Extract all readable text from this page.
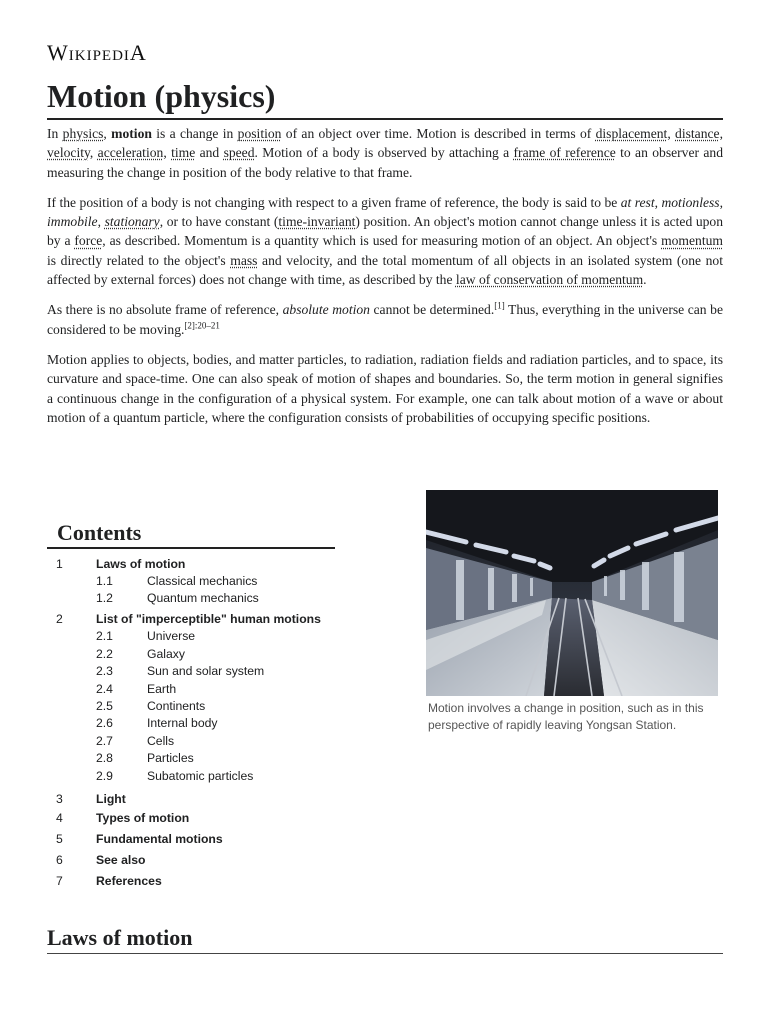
WikipediA
Motion (physics)

In physics, motion is a change in position of an object over time. Motion is described in terms of displacement, distance, velocity, acceleration, time and speed. Motion of a body is observed by attaching a frame of reference to an observer and measuring the change in position of the body relative to that frame.

If the position of a body is not changing with respect to a given frame of reference, the body is said to be at rest, motionless, immobile, stationary, or to have constant (time-invariant) position. An object's motion cannot change unless it is acted upon by a force, as described. Momentum is a quantity which is used for measuring motion of an object. An object's momentum is directly related to the object's mass and velocity, and the total momentum of all objects in an isolated system (one not affected by external forces) does not change with time, as described by the law of conservation of momentum.

As there is no absolute frame of reference, absolute motion cannot be determined.[1] Thus, everything in the universe can be considered to be moving.$^{[2]:20-21}$

Motion applies to objects, bodies, and matter particles, to radiation, radiation fields and radiation particles, and to space, its curvature and space-time. One can also speak of motion of shapes and boundaries. So, the term motion in general signifies a continuous change in the configuration of a physical system. For example, one can talk about motion of a wave or about motion of a quantum particle, where the configuration consists of probabilities of occupying specific positions.

Contents
1	Laws of motion
1.1	Classical mechanics
1.2	Quantum mechanics
2	List of "imperceptible" human motions
2.1	Universe
2.2	Galaxy
2.3	Sun and solar system
2.4	Earth
2.5	Continents
2.6	Internal body
2.7	Cells
2.8	Particles
2.9	Subatomic particles
3	Light
4	Types of motion
5	Fundamental motions
6	See also
7	References
Motion involves a change in position, such as in this perspective of rapidly leaving Yongsan Station.
Laws of motion
